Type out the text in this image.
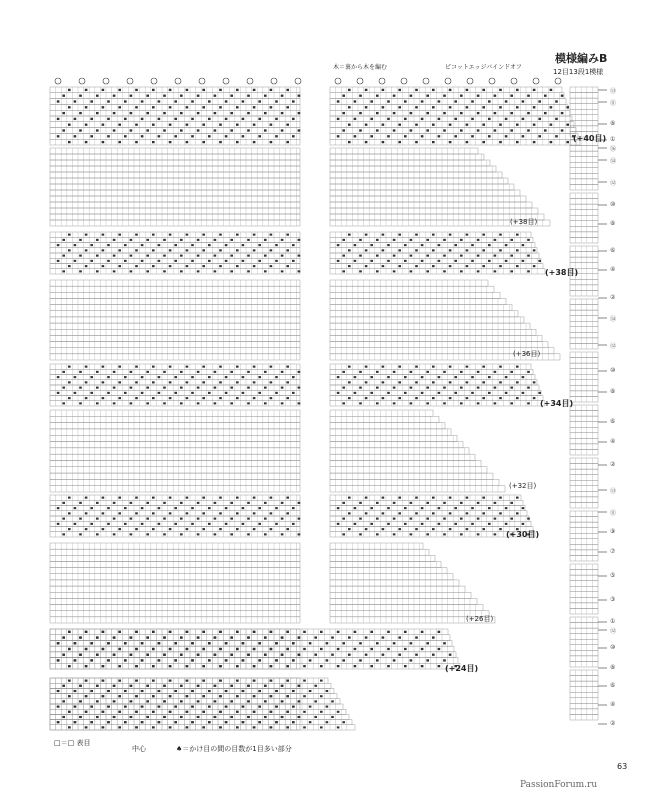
模様編みB
12目13段1模様
木＝裏から木を編む	ピコットエッジバインドオフ
(+40目)
(+38目)
(+38目)
(+36目)
(+34目)
(+32目)
(+30目)
(+26目)
(+24目)
⑬
⑪
⑧
①
⑯
⑭
⑫
⑩
⑧
⑥
④
②
⑭
⑫
⑩
⑧
⑥
④
②
⑬
⑪
⑨
⑦
⑤
③
①
⑫
⑩
⑧
⑥
④
②
□＝□ 表目
中心	♠＝かけ目の間の目数が1目多い部分
63
PassionForum.ru
